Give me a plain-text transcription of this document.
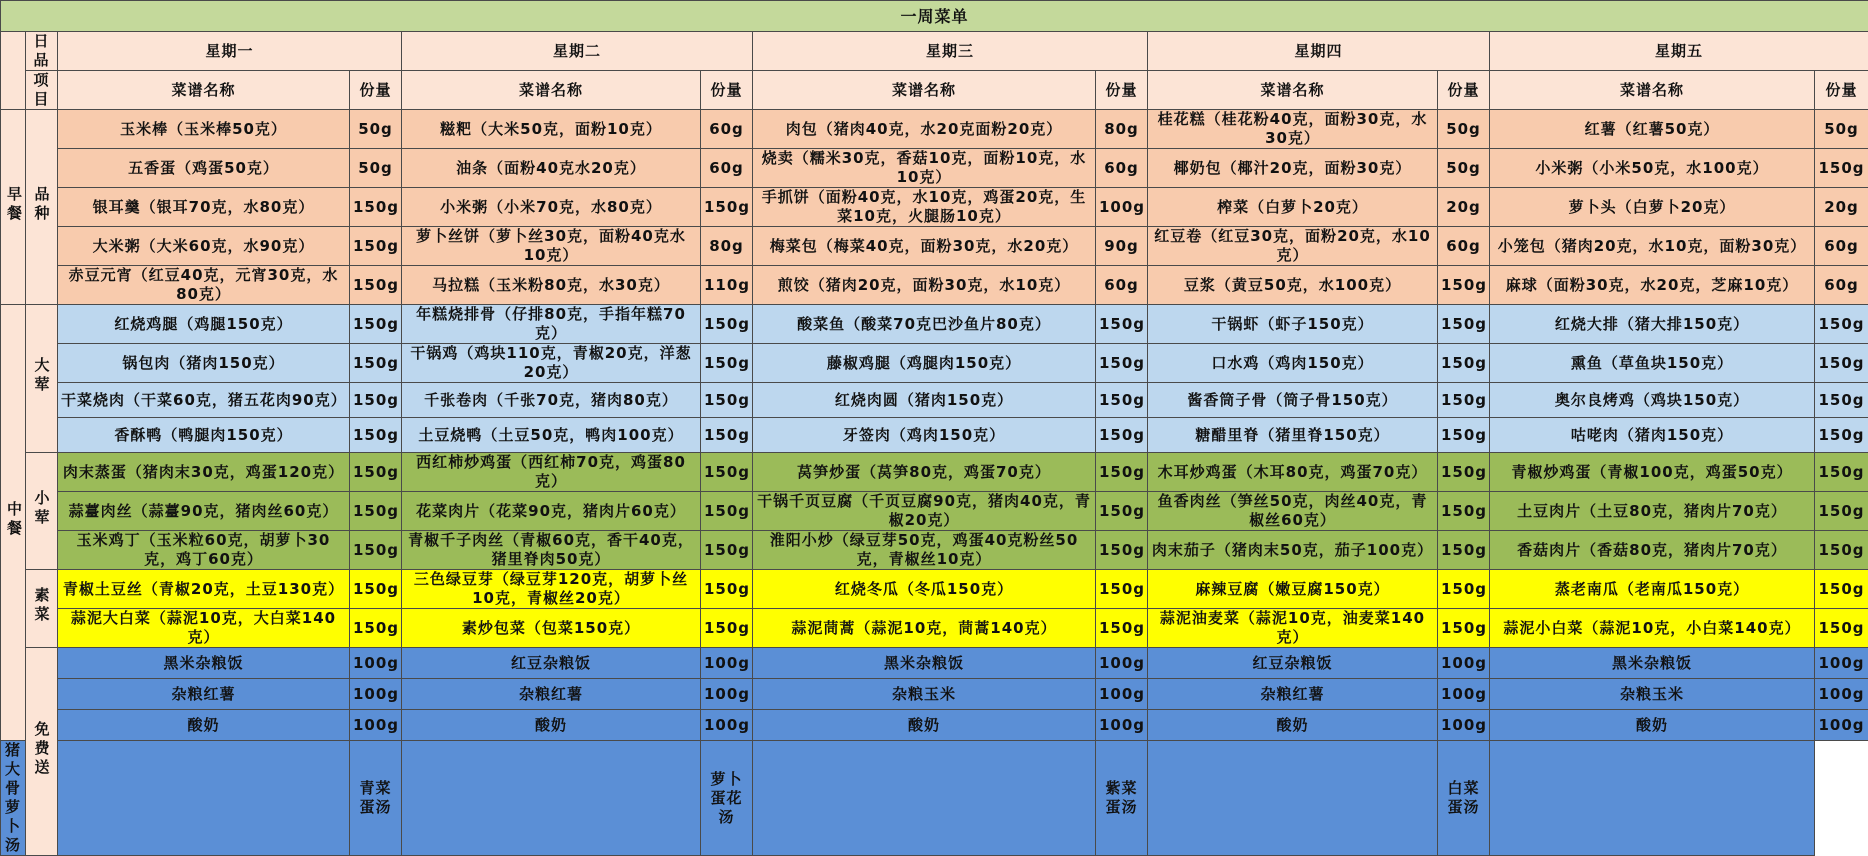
一周菜单											

	日品	星期一		星期二		星期三		星期四		星期五	

	项目	菜谱名称	份量	菜谱名称	份量	菜谱名称	份量	菜谱名称	份量	菜谱名称	份量
早餐	品种	玉米棒（玉米棒50克）	50g	糍粑（大米50克，面粉10克）	60g	肉包（猪肉40克，水20克面粉20克）	80g	桂花糕（桂花粉40克，面粉30克，水30克）	50g	红薯（红薯50克）	50g
		五香蛋（鸡蛋50克）	50g	油条（面粉40克水20克）	60g	烧卖（糯米30克，香菇10克，面粉10克，水10克）	60g	椰奶包（椰汁20克，面粉30克）	50g	小米粥（小米50克，水100克）	150g
		银耳羹（银耳70克，水80克）	150g	小米粥（小米70克，水80克）	150g	手抓饼（面粉40克，水10克，鸡蛋20克，生菜10克，火腿肠10克）	100g	榨菜（白萝卜20克）	20g	萝卜头（白萝卜20克）	20g
		大米粥（大米60克，水90克）	150g	萝卜丝饼（萝卜丝30克，面粉40克水10克）	80g	梅菜包（梅菜40克，面粉30克，水20克）	90g	红豆卷（红豆30克，面粉20克，水10克）	60g	小笼包（猪肉20克，水10克，面粉30克）	60g
		赤豆元宵（红豆40克，元宵30克，水80克）	150g	马拉糕（玉米粉80克，水30克）	110g	煎饺（猪肉20克，面粉30克，水10克）	60g	豆浆（黄豆50克，水100克）	150g	麻球（面粉30克，水20克，芝麻10克）	60g
中餐	大荤	红烧鸡腿（鸡腿150克）	150g	年糕烧排骨（仔排80克，手指年糕70克）	150g	酸菜鱼（酸菜70克巴沙鱼片80克）	150g	干锅虾（虾子150克）	150g	红烧大排（猪大排150克）	150g
		锅包肉（猪肉150克）	150g	干锅鸡（鸡块110克，青椒20克，洋葱20克）	150g	藤椒鸡腿（鸡腿肉150克）	150g	口水鸡（鸡肉150克）	150g	熏鱼（草鱼块150克）	150g
		干菜烧肉（干菜60克，猪五花肉90克）	150g	千张卷肉（千张70克，猪肉80克）	150g	红烧肉圆（猪肉150克）	150g	酱香筒子骨（筒子骨150克）	150g	奥尔良烤鸡（鸡块150克）	150g
		香酥鸭（鸭腿肉150克）	150g	土豆烧鸭（土豆50克，鸭肉100克）	150g	牙签肉（鸡肉150克）	150g	糖醋里脊（猪里脊150克）	150g	咕咾肉（猪肉150克）	150g
	小荤	肉末蒸蛋（猪肉末30克，鸡蛋120克）	150g	西红柿炒鸡蛋（西红柿70克，鸡蛋80克）	150g	莴笋炒蛋（莴笋80克，鸡蛋70克）	150g	木耳炒鸡蛋（木耳80克，鸡蛋70克）	150g	青椒炒鸡蛋（青椒100克，鸡蛋50克）	150g
		蒜薹肉丝（蒜薹90克，猪肉丝60克）	150g	花菜肉片（花菜90克，猪肉片60克）	150g	干锅千页豆腐（千页豆腐90克，猪肉40克，青椒20克）	150g	鱼香肉丝（笋丝50克，肉丝40克，青椒丝60克）	150g	土豆肉片（土豆80克，猪肉片70克）	150g
		玉米鸡丁（玉米粒60克，胡萝卜30克，鸡丁60克）	150g	青椒千子肉丝（青椒60克，香干40克，猪里脊肉50克）	150g	淮阳小炒（绿豆芽50克，鸡蛋40克粉丝50克，青椒丝10克）	150g	肉末茄子（猪肉末50克，茄子100克）	150g	香菇肉片（香菇80克，猪肉片70克）	150g
	素菜	青椒土豆丝（青椒20克，土豆130克）	150g	三色绿豆芽（绿豆芽120克，胡萝卜丝10克，青椒丝20克）	150g	红烧冬瓜（冬瓜150克）	150g	麻辣豆腐（嫩豆腐150克）	150g	蒸老南瓜（老南瓜150克）	150g
		蒜泥大白菜（蒜泥10克，大白菜140克）	150g	素炒包菜（包菜150克）	150g	蒜泥茼蒿（蒜泥10克，茼蒿140克）	150g	蒜泥油麦菜（蒜泥10克，油麦菜140克）	150g	蒜泥小白菜（蒜泥10克，小白菜140克）	150g
	免费送	黑米杂粮饭	100g	红豆杂粮饭	100g	黑米杂粮饭	100g	红豆杂粮饭	100g	黑米杂粮饭	100g
		杂粮红薯	100g	杂粮红薯	100g	杂粮玉米	100g	杂粮红薯	100g	杂粮玉米	100g
		酸奶	100g	酸奶	100g	酸奶	100g	酸奶	100g	酸奶	100g
猪大骨萝卜汤			青菜蛋汤		萝卜蛋花汤		紫菜蛋汤		白菜蛋汤		
